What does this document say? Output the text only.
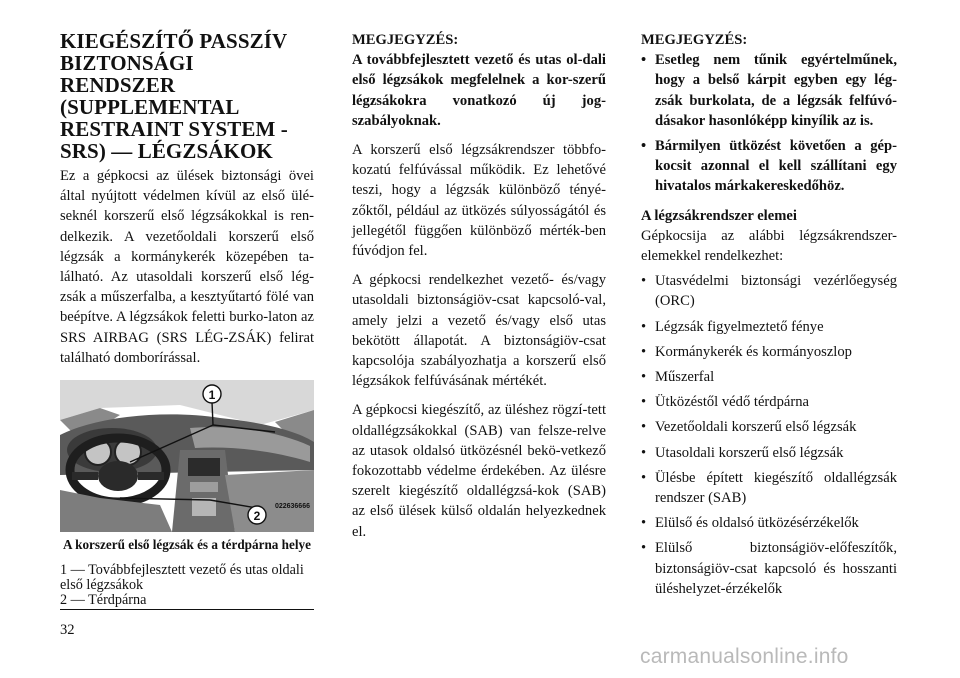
KIEGÉSZÍTŐ PASSZÍV
BIZTONSÁGI RENDSZER
(SUPPLEMENTAL
RESTRAINT SYSTEM -
SRS) — LÉGZSÁKOK

Ez a gépkocsi az ülések biztonsági övei által nyújtott védelmen kívül az első ülé-seknél korszerű első légzsákokkal is ren-delkezik. A vezetőoldali korszerű első légzsák a kormánykerék közepében ta-lálható. Az utasoldali korszerű első lég-zsák a műszerfalba, a kesztyűtartó fölé van beépítve. A légzsákok feletti burko-laton az SRS AIRBAG (SRS LÉG-ZSÁK) felirat található domborírással.

1
2
022636666
A korszerű első légzsák és a térdpárna helye
1 — Továbbfejlesztett vezető és utas oldali első légzsákok
2 — Térdpárna
MEGJEGYZÉS:

A továbbfejlesztett vezető és utas ol-dali első légzsákok megfelelnek a kor-szerű légzsákokra vonatkozó új jog-szabályoknak.

A korszerű első légzsákrendszer többfo-kozatú felfúvással működik. Ez lehetővé teszi, hogy a légzsák különböző tényé-zőktől, például az ütközés súlyosságától és jellegétől függően különböző mérték-ben fúvódjon fel.

A gépkocsi rendelkezhet vezető- és/vagy utasoldali biztonságiöv-csat kapcsoló-val, amely jelzi a vezető és/vagy első utas bekötött állapotát. A biztonságiöv-csat kapcsolója szabályozhatja a korszerű első légzsákok felfúvásának mértékét.

A gépkocsi kiegészítő, az üléshez rögzí-tett oldallégzsákokkal (SAB) van felsze-relve az utasok oldalsó ütközésnél bekö-vetkező fokozottabb védelme érdekében. Az ülésre szerelt kiegészítő oldallégzsá-kok (SAB) az első ülések külső oldalán helyezkednek el.

MEGJEGYZÉS:
• Esetleg nem tűnik egyértelműnek, hogy a belső kárpit egyben egy lég-zsák burkolata, de a légzsák felfúvó-dásakor hasonlóképp kinyílik az is.
• Bármilyen ütközést követően a gép-kocsit azonnal el kell szállítani egy hivatalos márkakereskedőhöz.
A légzsákrendszer elemei

Gépkocsija az alábbi légzsákrendszer-elemekkel rendelkezhet:

• Utasvédelmi biztonsági vezérlőegység (ORC)
• Légzsák figyelmeztető fénye
• Kormánykerék és kormányoszlop
• Műszerfal
• Ütközéstől védő térdpárna
• Vezetőoldali korszerű első légzsák
• Utasoldali korszerű első légzsák
• Ülésbe épített kiegészítő oldallégzsák rendszer (SAB)
• Elülső és oldalsó ütközésérzékelők
• Elülső biztonságiöv-előfeszítők, biztonságiöv-csat kapcsoló és hosszanti üléshelyzet-érzékelők
32
carmanualsonline.info
